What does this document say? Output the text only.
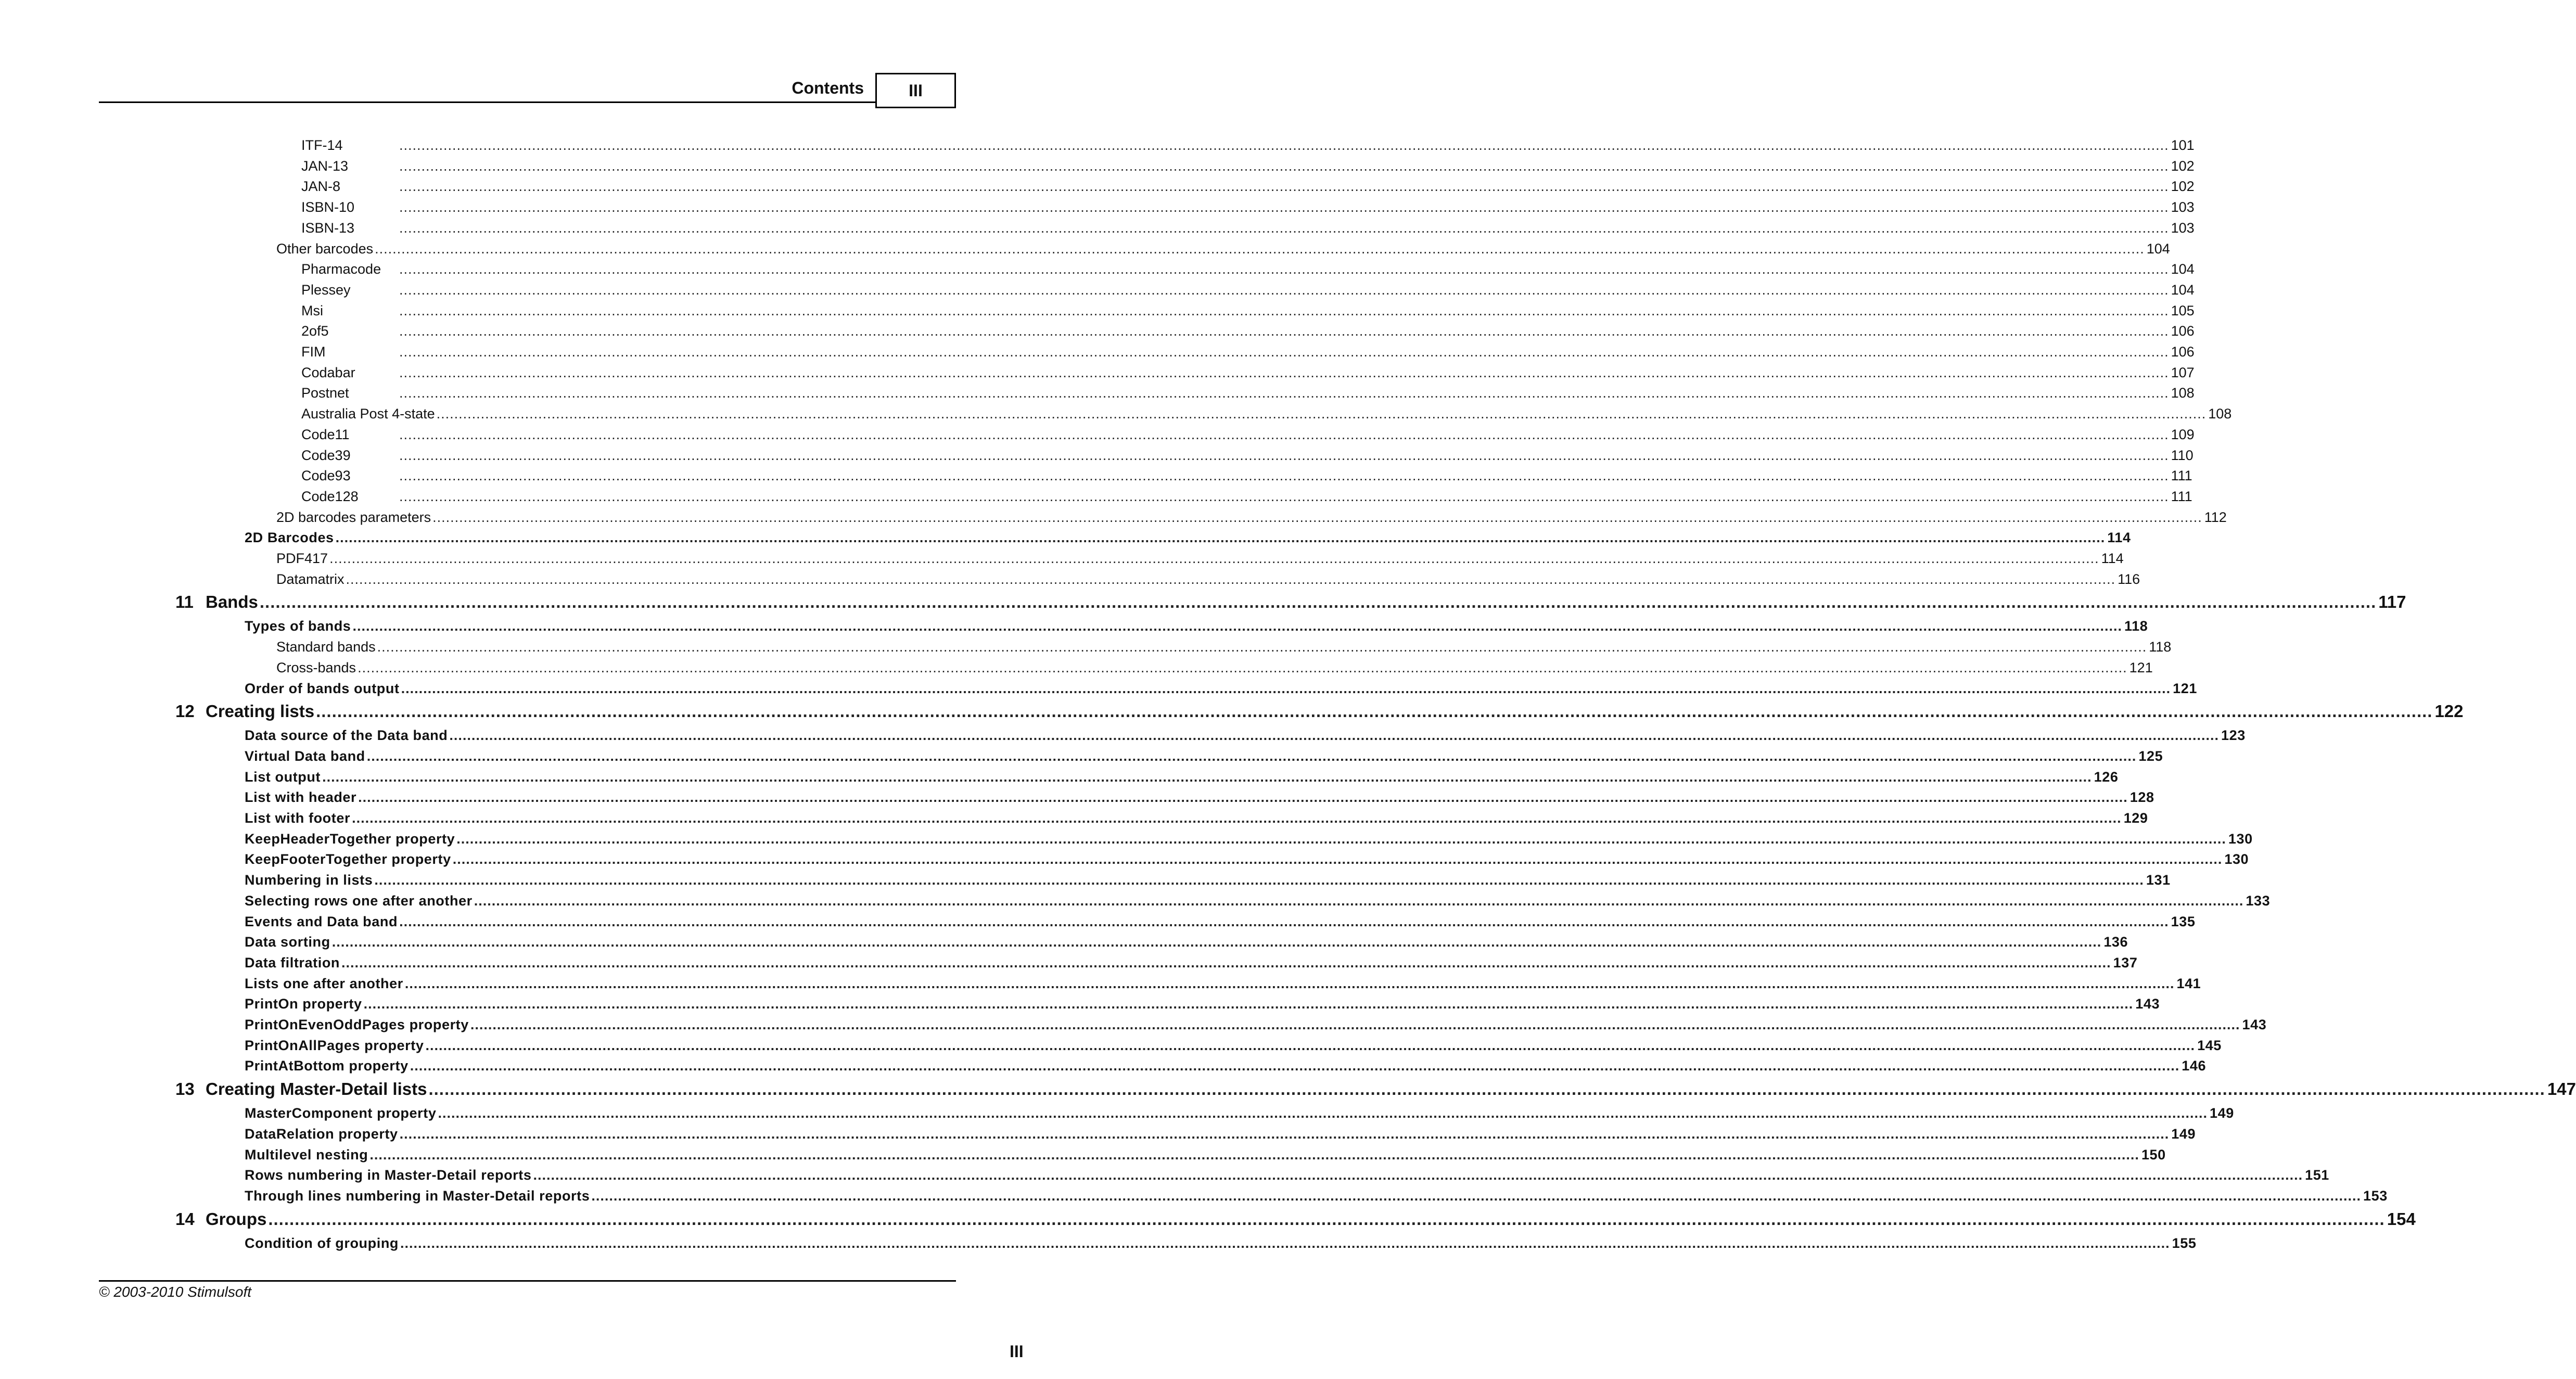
Contents	III
ITF-14	................................................................................................................................................................................................................................................................................................................................................................................................................ 101
JAN-13	................................................................................................................................................................................................................................................................................................................................................................................................................ 102
JAN-8	................................................................................................................................................................................................................................................................................................................................................................................................................ 102
ISBN-10	................................................................................................................................................................................................................................................................................................................................................................................................................ 103
ISBN-13	................................................................................................................................................................................................................................................................................................................................................................................................................ 103
Other barcodes ................................................................................................................................................................................................................................................................................................................................................................................................................ 104
Pharmacode	................................................................................................................................................................................................................................................................................................................................................................................................................ 104
Plessey	................................................................................................................................................................................................................................................................................................................................................................................................................ 104
Msi	................................................................................................................................................................................................................................................................................................................................................................................................................ 105
2of5	................................................................................................................................................................................................................................................................................................................................................................................................................ 106
FIM	................................................................................................................................................................................................................................................................................................................................................................................................................ 106
Codabar	................................................................................................................................................................................................................................................................................................................................................................................................................ 107
Postnet	................................................................................................................................................................................................................................................................................................................................................................................................................ 108
Australia Post 4-state ................................................................................................................................................................................................................................................................................................................................................................................................................ 108
Code11	................................................................................................................................................................................................................................................................................................................................................................................................................ 109
Code39	................................................................................................................................................................................................................................................................................................................................................................................................................ 110
Code93	................................................................................................................................................................................................................................................................................................................................................................................................................ 111
Code128	................................................................................................................................................................................................................................................................................................................................................................................................................ 111
2D barcodes parameters ................................................................................................................................................................................................................................................................................................................................................................................................................ 112
2D Barcodes ................................................................................................................................................................................................................................................................................................................................................................................................................ 114
PDF417 ................................................................................................................................................................................................................................................................................................................................................................................................................ 114
Datamatrix ................................................................................................................................................................................................................................................................................................................................................................................................................ 116
11 Bands ................................................................................................................................................................................................................................................................................................................................................................................................................ 117
Types of bands ................................................................................................................................................................................................................................................................................................................................................................................................................ 118
Standard bands ................................................................................................................................................................................................................................................................................................................................................................................................................ 118
Cross-bands ................................................................................................................................................................................................................................................................................................................................................................................................................ 121
Order of bands output ................................................................................................................................................................................................................................................................................................................................................................................................................ 121
12 Creating lists ................................................................................................................................................................................................................................................................................................................................................................................................................ 122
Data source of the Data band ................................................................................................................................................................................................................................................................................................................................................................................................................ 123
Virtual Data band ................................................................................................................................................................................................................................................................................................................................................................................................................ 125
List output ................................................................................................................................................................................................................................................................................................................................................................................................................ 126
List with header ................................................................................................................................................................................................................................................................................................................................................................................................................ 128
List with footer ................................................................................................................................................................................................................................................................................................................................................................................................................ 129
KeepHeaderTogether property ................................................................................................................................................................................................................................................................................................................................................................................................................ 130
KeepFooterTogether property ................................................................................................................................................................................................................................................................................................................................................................................................................ 130
Numbering in lists ................................................................................................................................................................................................................................................................................................................................................................................................................ 131
Selecting rows one after another ................................................................................................................................................................................................................................................................................................................................................................................................................ 133
Events and Data band ................................................................................................................................................................................................................................................................................................................................................................................................................ 135
Data sorting ................................................................................................................................................................................................................................................................................................................................................................................................................ 136
Data filtration ................................................................................................................................................................................................................................................................................................................................................................................................................ 137
Lists one after another ................................................................................................................................................................................................................................................................................................................................................................................................................ 141
PrintOn property ................................................................................................................................................................................................................................................................................................................................................................................................................ 143
PrintOnEvenOddPages property ................................................................................................................................................................................................................................................................................................................................................................................................................ 143
PrintOnAllPages property ................................................................................................................................................................................................................................................................................................................................................................................................................ 145
PrintAtBottom property ................................................................................................................................................................................................................................................................................................................................................................................................................ 146
13 Creating Master-Detail lists ................................................................................................................................................................................................................................................................................................................................................................................................................ 147
MasterComponent property ................................................................................................................................................................................................................................................................................................................................................................................................................ 149
DataRelation property ................................................................................................................................................................................................................................................................................................................................................................................................................ 149
Multilevel nesting ................................................................................................................................................................................................................................................................................................................................................................................................................ 150
Rows numbering in Master-Detail reports ................................................................................................................................................................................................................................................................................................................................................................................................................ 151
Through lines numbering in Master-Detail reports ................................................................................................................................................................................................................................................................................................................................................................................................................ 153
14 Groups ................................................................................................................................................................................................................................................................................................................................................................................................................ 154
Condition of grouping ................................................................................................................................................................................................................................................................................................................................................................................................................ 155
© 2003-2010 Stimulsoft
III
